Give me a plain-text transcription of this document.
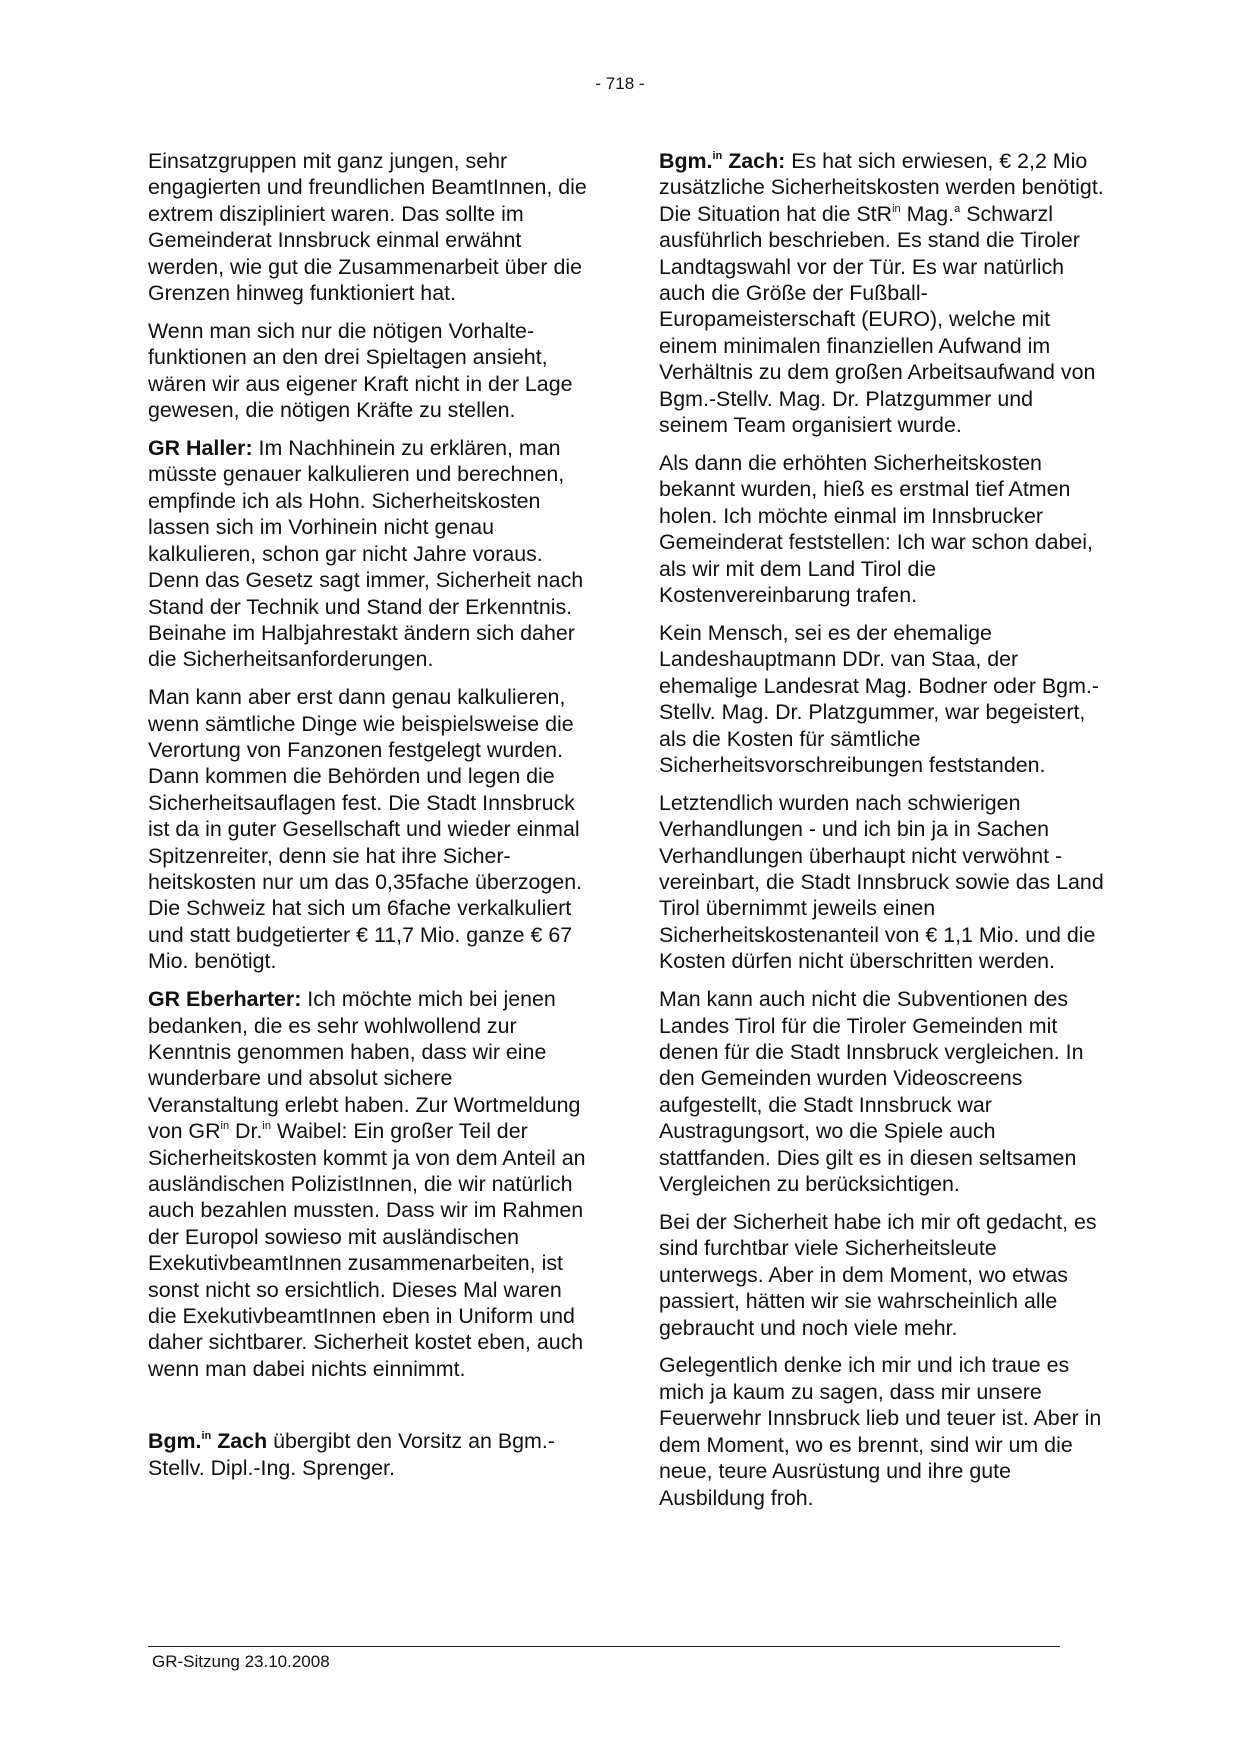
- 718 -

Einsatzgruppen mit ganz jungen, sehr engagierten und freundlichen BeamtInnen, die extrem diszipliniert waren. Das sollte im Gemeinderat Innsbruck einmal erwähnt werden, wie gut die Zusammenarbeit über die Grenzen hinweg funktioniert hat.

Wenn man sich nur die nötigen Vorhaltefunktionen an den drei Spieltagen ansieht, wären wir aus eigener Kraft nicht in der Lage gewesen, die nötigen Kräfte zu stellen.

GR Haller: Im Nachhinein zu erklären, man müsste genauer kalkulieren und berechnen, empfinde ich als Hohn. Sicherheitskosten lassen sich im Vorhinein nicht genau kalkulieren, schon gar nicht Jahre voraus. Denn das Gesetz sagt immer, Sicherheit nach Stand der Technik und Stand der Erkenntnis. Beinahe im Halbjahrestakt ändern sich daher die Sicherheitsanforderungen.

Man kann aber erst dann genau kalkulieren, wenn sämtliche Dinge wie beispielsweise die Verortung von Fanzonen festgelegt wurden. Dann kommen die Behörden und legen die Sicherheitsauflagen fest. Die Stadt Innsbruck ist da in guter Gesellschaft und wieder einmal Spitzenreiter, denn sie hat ihre Sicherheitskosten nur um das 0,35fache überzogen. Die Schweiz hat sich um 6fache verkalkuliert und statt budgetierter € 11,7 Mio. ganze € 67 Mio. benötigt.

GR Eberharter: Ich möchte mich bei jenen bedanken, die es sehr wohlwollend zur Kenntnis genommen haben, dass wir eine wunderbare und absolut sichere Veranstaltung erlebt haben. Zur Wortmeldung von $GR^{in}$ Dr.$^{in}$ Waibel: Ein großer Teil der Sicherheitskosten kommt ja von dem Anteil an ausländischen PolizistInnen, die wir natürlich auch bezahlen mussten. Dass wir im Rahmen der Europol sowieso mit ausländischen ExekutivbeamtInnen zusammenarbeiten, ist sonst nicht so ersichtlich. Dieses Mal waren die ExekutivbeamtInnen eben in Uniform und daher sichtbarer. Sicherheit kostet eben, auch wenn man dabei nichts einnimmt.

Bgm.$^{in}$ Zach übergibt den Vorsitz an Bgm.-Stellv. Dipl.-Ing. Sprenger.

Bgm.$^{in}$ Zach: Es hat sich erwiesen, € 2,2 Mio zusätzliche Sicherheitskosten werden benötigt. Die Situation hat die StR$^{in}$ Mag.$^a$ Schwarzl ausführlich beschrieben. Es stand die Tiroler Landtagswahl vor der Tür. Es war natürlich auch die Größe der Fußball-Europameisterschaft (EURO), welche mit einem minimalen finanziellen Aufwand im Verhältnis zu dem großen Arbeitsaufwand von Bgm.-Stellv. Mag. Dr. Platzgummer und seinem Team organisiert wurde.

Als dann die erhöhten Sicherheitskosten bekannt wurden, hieß es erstmal tief Atmen holen. Ich möchte einmal im Innsbrucker Gemeinderat feststellen: Ich war schon dabei, als wir mit dem Land Tirol die Kostenvereinbarung trafen.

Kein Mensch, sei es der ehemalige Landeshauptmann DDr. van Staa, der ehemalige Landesrat Mag. Bodner oder Bgm.-Stellv. Mag. Dr. Platzgummer, war begeistert, als die Kosten für sämtliche Sicherheitsvorschreibungen feststanden.

Letztendlich wurden nach schwierigen Verhandlungen - und ich bin ja in Sachen Verhandlungen überhaupt nicht verwöhnt - vereinbart, die Stadt Innsbruck sowie das Land Tirol übernimmt jeweils einen Sicherheitskostenanteil von € 1,1 Mio. und die Kosten dürfen nicht überschritten werden.

Man kann auch nicht die Subventionen des Landes Tirol für die Tiroler Gemeinden mit denen für die Stadt Innsbruck vergleichen. In den Gemeinden wurden Videoscreens aufgestellt, die Stadt Innsbruck war Austragungsort, wo die Spiele auch stattfanden. Dies gilt es in diesen seltsamen Vergleichen zu berücksichtigen.

Bei der Sicherheit habe ich mir oft gedacht, es sind furchtbar viele Sicherheitsleute unterwegs. Aber in dem Moment, wo etwas passiert, hätten wir sie wahrscheinlich alle gebraucht und noch viele mehr.

Gelegentlich denke ich mir und ich traue es mich ja kaum zu sagen, dass mir unsere Feuerwehr Innsbruck lieb und teuer ist. Aber in dem Moment, wo es brennt, sind wir um die neue, teure Ausrüstung und ihre gute Ausbildung froh.

GR-Sitzung 23.10.2008
